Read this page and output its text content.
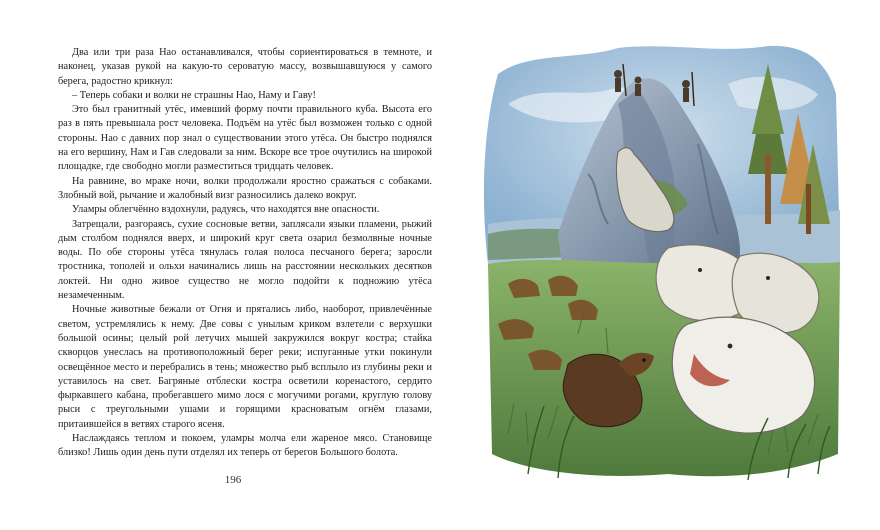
Два или три раза Нао останавливался, чтобы сориентироваться в темноте, и наконец, указав рукой на какую-то сероватую массу, возвышавшуюся у самого берега, радостно крикнул:

– Теперь собаки и волки не страшны Нао, Наму и Гаву!

Это был гранитный утёс, имевший форму почти правильного куба. Высота его раз в пять превышала рост человека. Подъём на утёс был возможен только с одной стороны. Нао с давних пор знал о существовании этого утёса. Он быстро поднялся на его вершину, Нам и Гав следовали за ним. Вскоре все трое очутились на широкой площадке, где свободно могли разместиться тридцать человек.

На равнине, во мраке ночи, волки продолжали яростно сражаться с собаками. Злобный вой, рычание и жалобный визг разносились далеко вокруг.

Уламры облегчённо вздохнули, радуясь, что находятся вне опасности.

Затрещали, разгораясь, сухие сосновые ветви, заплясали языки пламени, рыжий дым столбом поднялся вверх, и широкий круг света озарил безмолвные ночные воды. По обе стороны утёса тянулась голая полоса песчаного берега; заросли тростника, тополей и ольхи начинались лишь на расстоянии нескольких десятков локтей. Ни одно живое существо не могло подойти к подножию утёса незамеченным.

Ночные животные бежали от Огня и прятались либо, наоборот, привлечённые светом, устремлялись к нему. Две совы с унылым криком взлетели с верхушки большой осины; целый рой летучих мышей закружился вокруг костра; стайка скворцов унеслась на противоположный берег реки; испуганные утки покинули освещённое место и перебрались в тень; множество рыб всплыло из глубины реки и уставилось на свет. Багряные отблески костра осветили коренастого, сердито фыркавшего кабана, пробегавшего мимо лося с могучими рогами, круглую голову рыси с треугольными ушами и горящими красноватым огнём глазами, притаившейся в ветвях старого ясеня.

Наслаждаясь теплом и покоем, уламры молча ели жареное мясо. Становище близко! Лишь один день пути отделял их теперь от берегов Большого болота.

196
